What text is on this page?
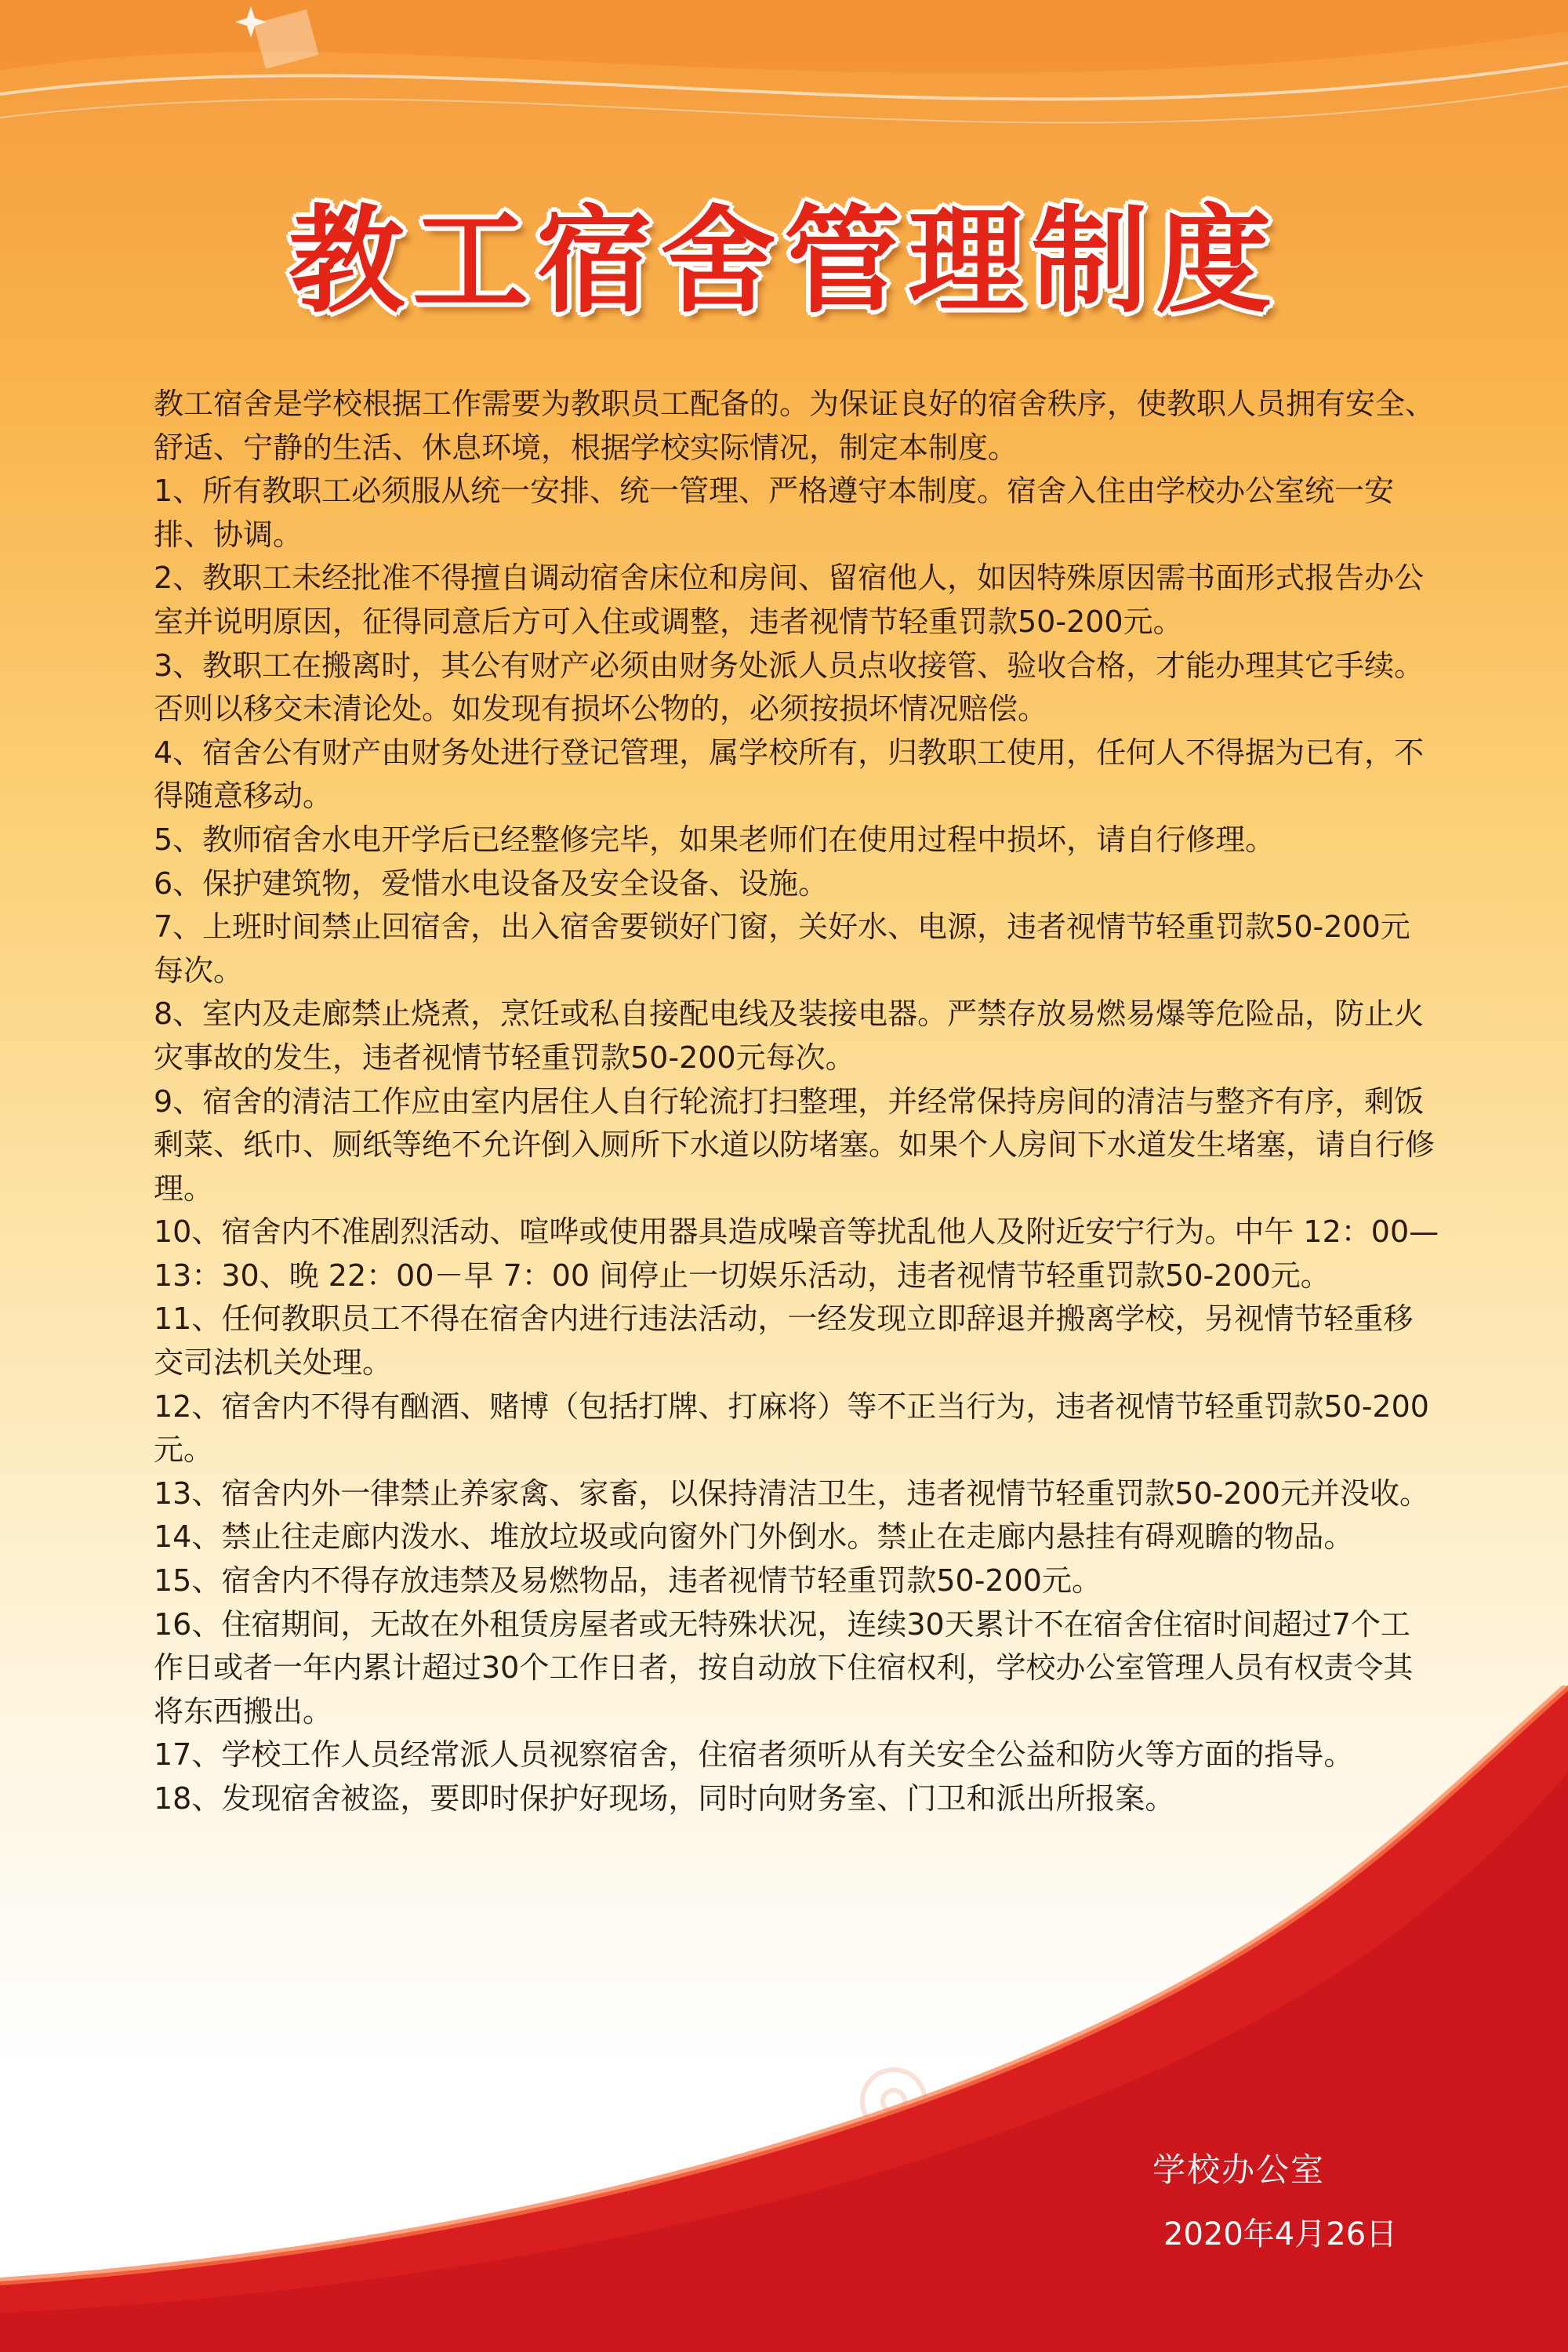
教工宿舍管理制度

教工宿舍是学校根据工作需要为教职员工配备的。为保证良好的宿舍秩序，使教职人员拥有安全、舒适、宁静的生活、休息环境，根据学校实际情况，制定本制度。

1、所有教职工必须服从统一安排、统一管理、严格遵守本制度。宿舍入住由学校办公室统一安排、协调。

2、教职工未经批准不得擅自调动宿舍床位和房间、留宿他人，如因特殊原因需书面形式报告办公室并说明原因，征得同意后方可入住或调整，违者视情节轻重罚款50-200元。

3、教职工在搬离时，其公有财产必须由财务处派人员点收接管、验收合格，才能办理其它手续。否则以移交未清论处。如发现有损坏公物的，必须按损坏情况赔偿。

4、宿舍公有财产由财务处进行登记管理，属学校所有，归教职工使用，任何人不得据为已有，不得随意移动。

5、教师宿舍水电开学后已经整修完毕，如果老师们在使用过程中损坏，请自行修理。

6、保护建筑物，爱惜水电设备及安全设备、设施。

7、上班时间禁止回宿舍，出入宿舍要锁好门窗，关好水、电源，违者视情节轻重罚款50-200元每次。

8、室内及走廊禁止烧煮，烹饪或私自接配电线及装接电器。严禁存放易燃易爆等危险品，防止火灾事故的发生，违者视情节轻重罚款50-200元每次。

9、宿舍的清洁工作应由室内居住人自行轮流打扫整理，并经常保持房间的清洁与整齐有序，剩饭剩菜、纸巾、厕纸等绝不允许倒入厕所下水道以防堵塞。如果个人房间下水道发生堵塞，请自行修理。

10、宿舍内不准剧烈活动、喧哗或使用器具造成噪音等扰乱他人及附近安宁行为。中午 12：00—13：30、晚 22：00－早 7：00 间停止一切娱乐活动，违者视情节轻重罚款50-200元。

11、任何教职员工不得在宿舍内进行违法活动，一经发现立即辞退并搬离学校，另视情节轻重移交司法机关处理。

12、宿舍内不得有酗酒、赌博（包括打牌、打麻将）等不正当行为，违者视情节轻重罚款50-200元。

13、宿舍内外一律禁止养家禽、家畜，以保持清洁卫生，违者视情节轻重罚款50-200元并没收。

14、禁止往走廊内泼水、堆放垃圾或向窗外门外倒水。禁止在走廊内悬挂有碍观瞻的物品。

15、宿舍内不得存放违禁及易燃物品，违者视情节轻重罚款50-200元。

16、住宿期间，无故在外租赁房屋者或无特殊状况，连续30天累计不在宿舍住宿时间超过7个工作日或者一年内累计超过30个工作日者，按自动放下住宿权利，学校办公室管理人员有权责令其将东西搬出。

17、学校工作人员经常派人员视察宿舍，住宿者须听从有关安全公益和防火等方面的指导。

18、发现宿舍被盗，要即时保护好现场，同时向财务室、门卫和派出所报案。

学校办公室
2020年4月26日
